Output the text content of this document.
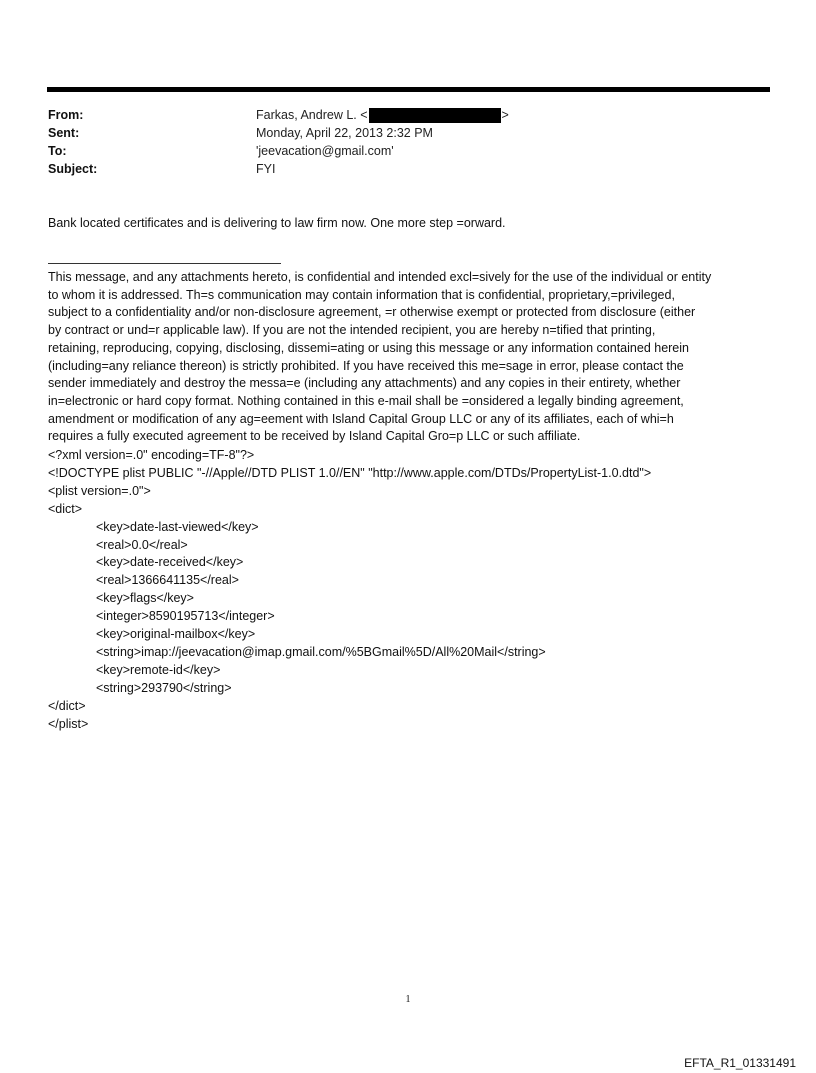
From:	Farkas, Andrew L. <	>
Sent:	Monday, April 22, 2013 2:32 PM
To:	'jeevacation@gmail.com'
Subject:	FYI
Bank located certificates and is delivering to law firm now. One more step =orward.

This message, and any attachments hereto, is confidential and intended excl=sively for the use of the individual or entity

to whom it is addressed. Th=s communication may contain information that is confidential, proprietary,=privileged,

subject to a confidentiality and/or non-disclosure agreement, =r otherwise exempt or protected from disclosure (either

by contract or und=r applicable law). If you are not the intended recipient, you are hereby n=tified that printing,

retaining, reproducing, copying, disclosing, dissemi=ating or using this message or any information contained herein

(including=any reliance thereon) is strictly prohibited. If you have received this me=sage in error, please contact the

sender immediately and destroy the messa=e (including any attachments) and any copies in their entirety, whether

in=electronic or hard copy format. Nothing contained in this e-mail shall be =onsidered a legally binding agreement,

amendment or modification of any ag=eement with Island Capital Group LLC or any of its affiliates, each of whi=h

requires a fully executed agreement to be received by Island Capital Gro=p LLC or such affiliate.

<?xml version=.0" encoding=TF-8"?>
<!DOCTYPE plist PUBLIC "-//Apple//DTD PLIST 1.0//EN" "http://www.apple.com/DTDs/PropertyList-1.0.dtd">
<plist version=.0">
<dict>
<key>date-last-viewed</key>
<real>0.0</real>
<key>date-received</key>
<real>1366641135</real>
<key>flags</key>
<integer>8590195713</integer>
<key>original-mailbox</key>
<string>imap://jeevacation@imap.gmail.com/%5BGmail%5D/All%20Mail</string>
<key>remote-id</key>
<string>293790</string>
</dict>
</plist>
1
EFTA_R1_01331491
